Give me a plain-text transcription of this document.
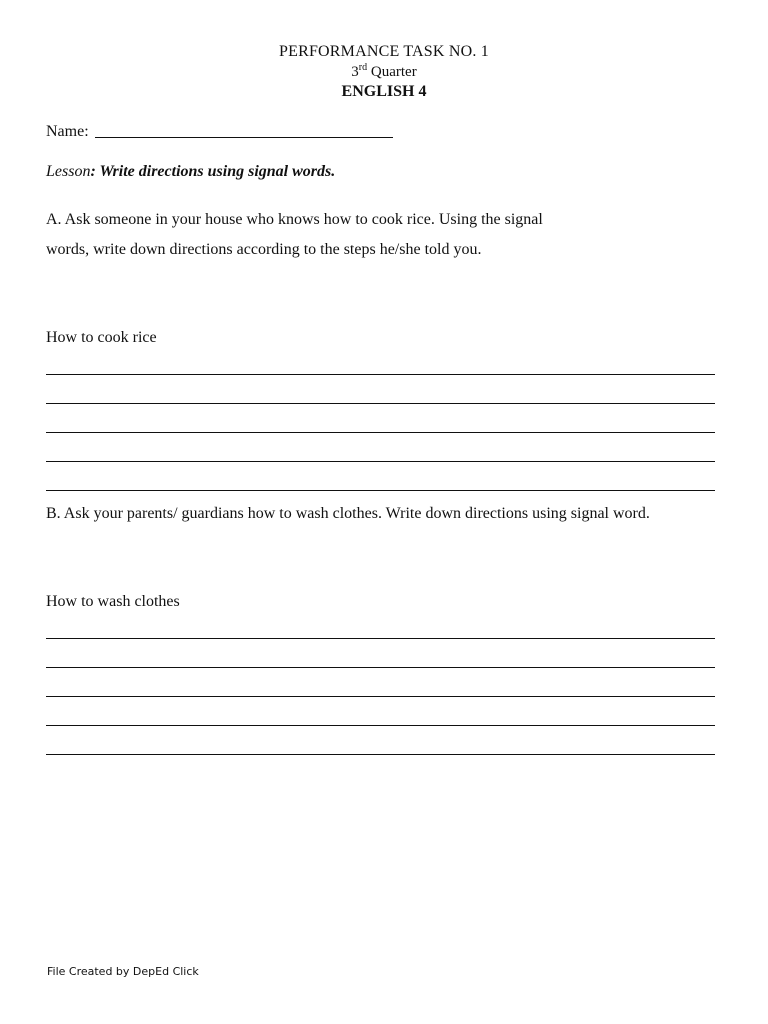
PERFORMANCE TASK NO. 1
3rd Quarter
ENGLISH 4
Name:
Lesson: Write directions using signal words.
A. Ask someone in your house who knows how to cook rice. Using the signal words, write down directions according to the steps he/she told you.
How to cook rice
B. Ask your parents/ guardians how to wash clothes. Write down directions using signal word.
How to wash clothes
File Created by DepEd Click
